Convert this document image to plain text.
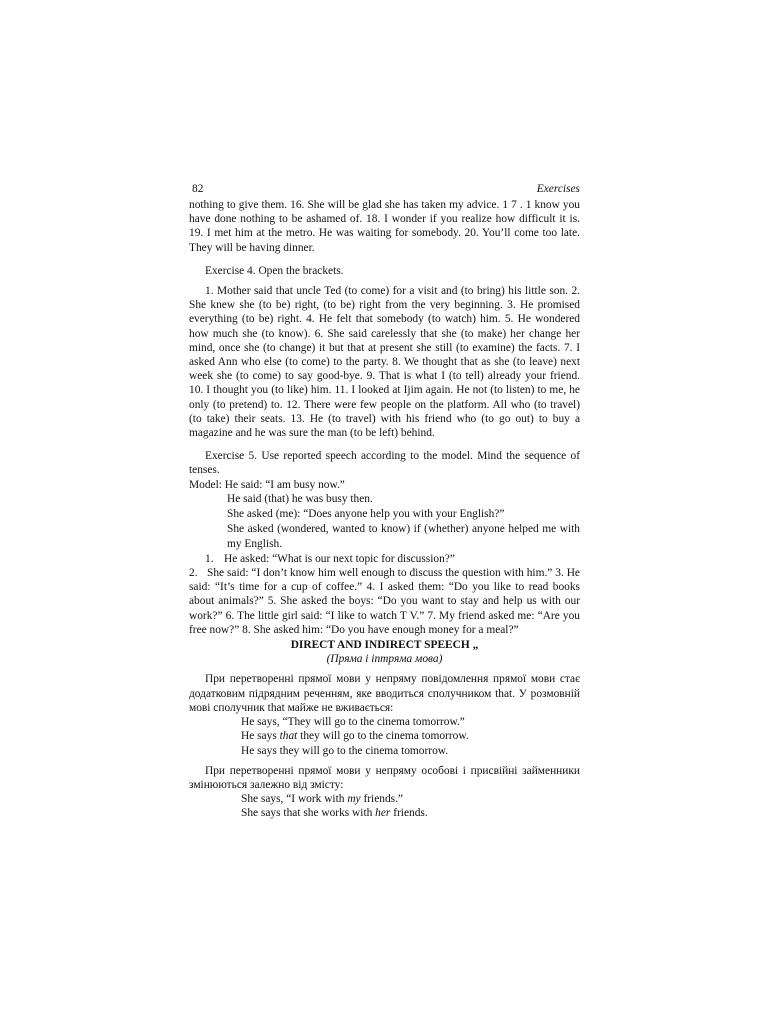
82	Exercises

nothing to give them. 16. She will be glad she has taken my advice. 1 7 . 1 know you have done nothing to be ashamed of. 18. I wonder if you realize how difficult it is. 19. I met him at the metro. He was waiting for somebody. 20. You’ll come too late. They will be having dinner.

Exercise 4. Open the brackets.

1. Mother said that uncle Ted (to come) for a visit and (to bring) his little son. 2. She knew she (to be) right, (to be) right from the very beginning. 3. He promised everything (to be) right. 4. He felt that somebody (to watch) him. 5. He wondered how much she (to know). 6. She said carelessly that she (to make) her change her mind, once she (to change) it but that at present she still (to examine) the facts. 7. I asked Ann who else (to come) to the party. 8. We thought that as she (to leave) next week she (to come) to say good-bye. 9. That is what I (to tell) already your friend. 10. I thought you (to like) him. 11. I looked at Ijim again. He not (to listen) to me, he only (to pretend) to. 12. There were few people on the platform. All who (to travel) (to take) their seats. 13. He (to travel) with his friend who (to go out) to buy a magazine and he was sure the man (to be left) behind.

Exercise 5. Use reported speech according to the model. Mind the sequence of tenses.

Model: He said: “I am busy now.”

He said (that) he was busy then.

She asked (me): “Does anyone help you with your English?”

She asked (wondered, wanted to know) if (whether) anyone helped me with my English.

1. He asked: “What is our next topic for discussion?”

2. She said: “I don’t know him well enough to discuss the question with him.” 3. He said: “It’s time for a cup of coffee.” 4. I asked them: “Do you like to read books about animals?” 5. She asked the boys: “Do you want to stay and help us with our work?” 6. The little girl said: “I like to watch T V.” 7. My friend asked me: “Are you free now?” 8. She asked him: “Do you have enough money for a meal?”

DIRECT AND INDIRECT SPEECH „
(Пряма і іптряма мова)

При перетворенні прямої мови у непряму повідомлення прямої мови стає додатковим підрядним реченням, яке вводиться сполучником that. У розмовній мові сполучник that майже не вживається:

He says, “They will go to the cinema tomorrow.”

He says that they will go to the cinema tomorrow.

He says they will go to the cinema tomorrow.

При перетворенні прямої мови у непряму особові і присвійні займенники змінюються залежно від змісту:

She says, “I work with my friends.”

She says that she works with her friends.
